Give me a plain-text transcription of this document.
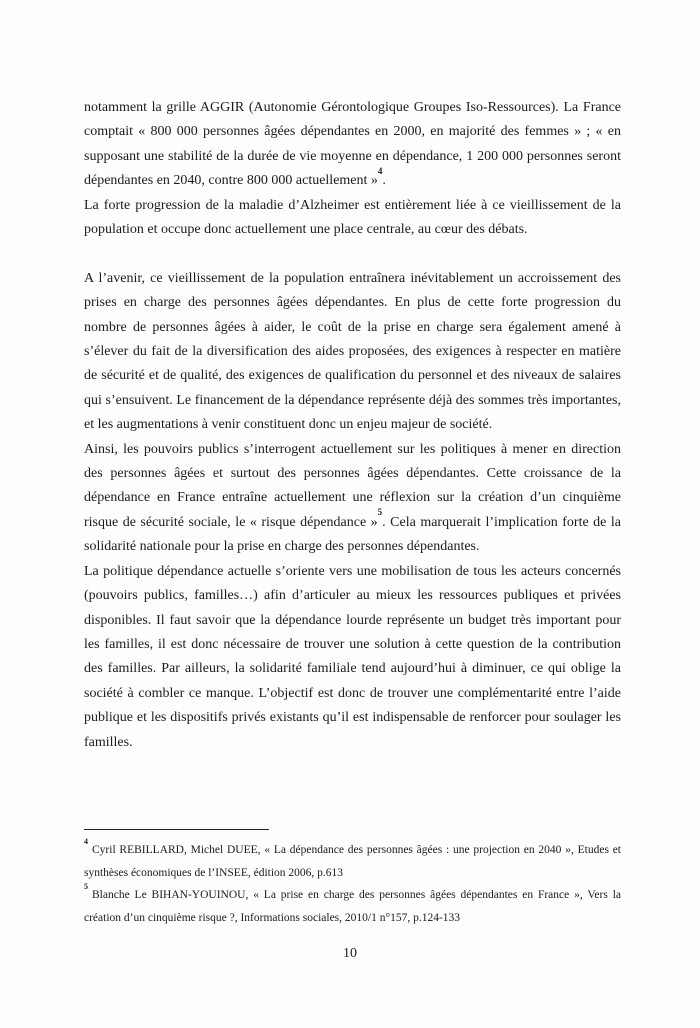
notamment la grille AGGIR (Autonomie Gérontologique Groupes Iso-Ressources). La France comptait « 800 000 personnes âgées dépendantes en 2000, en majorité des femmes » ; « en supposant une stabilité de la durée de vie moyenne en dépendance, 1 200 000 personnes seront dépendantes en 2040, contre 800 000 actuellement »$^4$.

La forte progression de la maladie d’Alzheimer est entièrement liée à ce vieillissement de la population et occupe donc actuellement une place centrale, au cœur des débats.

A l’avenir, ce vieillissement de la population entraînera inévitablement un accroissement des prises en charge des personnes âgées dépendantes. En plus de cette forte progression du nombre de personnes âgées à aider, le coût de la prise en charge sera également amené à s’élever du fait de la diversification des aides proposées, des exigences à respecter en matière de sécurité et de qualité, des exigences de qualification du personnel et des niveaux de salaires qui s’ensuivent. Le financement de la dépendance représente déjà des sommes très importantes, et les augmentations à venir constituent donc un enjeu majeur de société.

Ainsi, les pouvoirs publics s’interrogent actuellement sur les politiques à mener en direction des personnes âgées et surtout des personnes âgées dépendantes. Cette croissance de la dépendance en France entraîne actuellement une réflexion sur la création d’un cinquième risque de sécurité sociale, le « risque dépendance »$^5$. Cela marquerait l’implication forte de la solidarité nationale pour la prise en charge des personnes dépendantes.

La politique dépendance actuelle s’oriente vers une mobilisation de tous les acteurs concernés (pouvoirs publics, familles…) afin d’articuler au mieux les ressources publiques et privées disponibles. Il faut savoir que la dépendance lourde représente un budget très important pour les familles, il est donc nécessaire de trouver une solution à cette question de la contribution des familles. Par ailleurs, la solidarité familiale tend aujourd’hui à diminuer, ce qui oblige la société à combler ce manque. L’objectif est donc de trouver une complémentarité entre l’aide publique et les dispositifs privés existants qu’il est indispensable de renforcer pour soulager les familles.

$^4$Cyril REBILLARD, Michel DUEE, « La dépendance des personnes âgées : une projection en 2040 », Etudes et synthèses économiques de l’INSEE, édition 2006, p.613

$^5$Blanche Le BIHAN-YOUINOU, « La prise en charge des personnes âgées dépendantes en France », Vers la création d’un cinquième risque ?, Informations sociales, 2010/1 n°157, p.124-133

10
